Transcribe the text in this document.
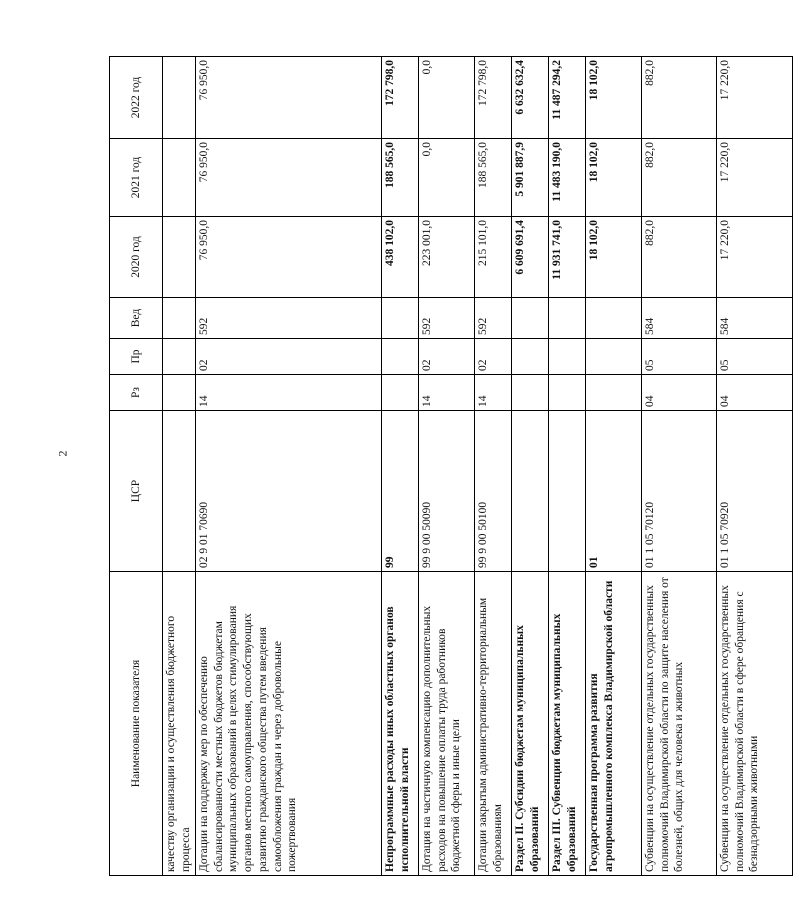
2
Наименование показателя	ЦСР	Рз	Пр	Вед	2020 год	2021 год	2022 год
качеству организации и осуществления бюджетного процесса							
Дотации на поддержку мер по обеспечению сбалансированности местных бюджетов бюджетам муниципальных образований в целях стимулирования органов местного самоуправления, способствующих развитию гражданского общества путем введения самообложения граждан и через добровольные пожертвования	02 9 01 70690	14	02	592	76 950,0	76 950,0	76 950,0
Непрограммные расходы иных областных органов исполнительной власти	99				438 102,0	188 565,0	172 798,0
Дотация на частичную компенсацию дополнительных расходов на повышение оплаты труда работников бюджетной сферы и иные цели	99 9 00 50090	14	02	592	223 001,0	0,0	0,0
Дотации закрытым административно-территориальным образованиям	99 9 00 50100	14	02	592	215 101,0	188 565,0	172 798,0
Раздел II. Субсидии бюджетам муниципальных образований					6 609 691,4	5 901 887,9	6 632 632,4
Раздел III. Субвенции бюджетам муниципальных образований					11 931 741,0	11 483 190,0	11 487 294,2
Государственная программа развития агропромышленного комплекса Владимирской области	01				18 102,0	18 102,0	18 102,0
Субвенции на осуществление отдельных государственных полномочий Владимирской области по защите населения от болезней, общих для человека и животных	01 1 05 70120	04	05	584	882,0	882,0	882,0
Субвенции на осуществление отдельных государственных полномочий Владимирской области в сфере обращения с безнадзорными животными	01 1 05 70920	04	05	584	17 220,0	17 220,0	17 220,0
